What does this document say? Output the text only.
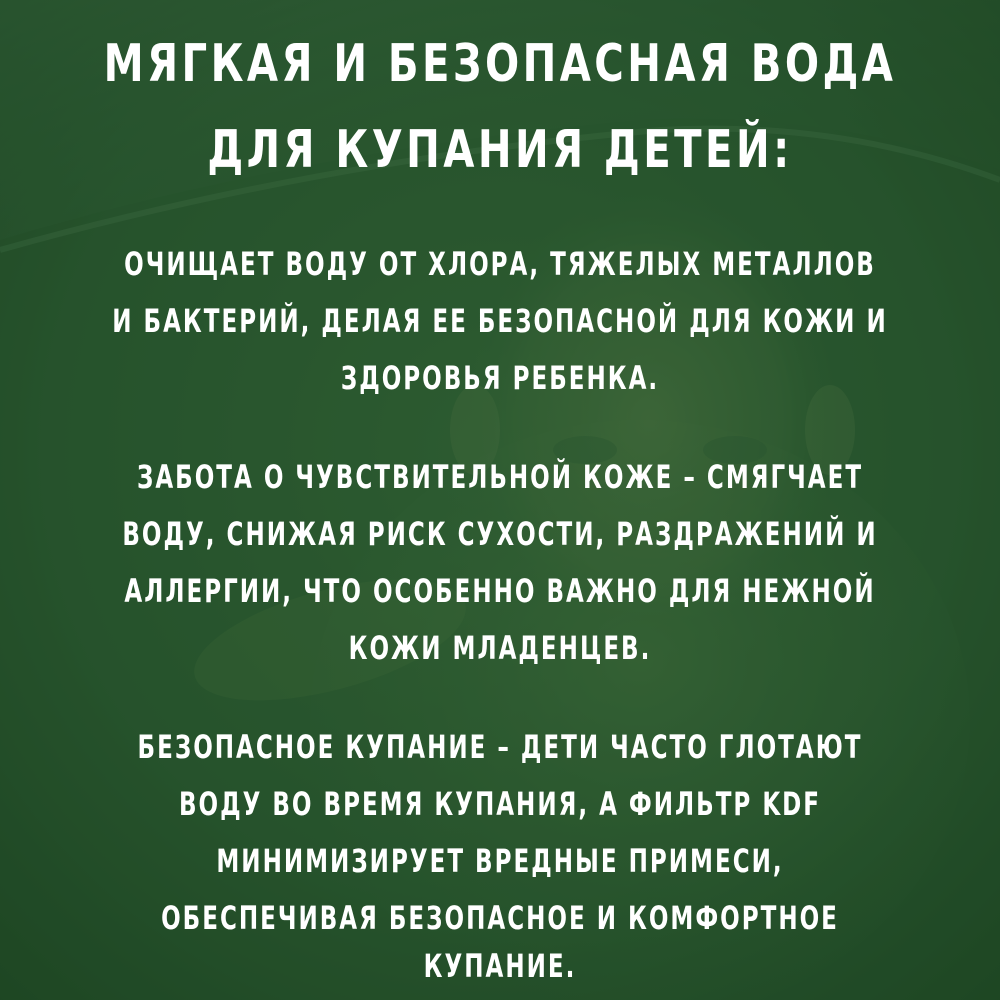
МЯГКАЯ И БЕЗОПАСНАЯ ВОДА
ДЛЯ КУПАНИЯ ДЕТЕЙ:
ОЧИЩАЕТ ВОДУ ОТ ХЛОРА, ТЯЖЕЛЫХ МЕТАЛЛОВ
И БАКТЕРИЙ, ДЕЛАЯ ЕЕ БЕЗОПАСНОЙ ДЛЯ КОЖИ И
ЗДОРОВЬЯ РЕБЕНКА.
ЗАБОТА О ЧУВСТВИТЕЛЬНОЙ КОЖЕ – СМЯГЧАЕТ
ВОДУ, СНИЖАЯ РИСК СУХОСТИ, РАЗДРАЖЕНИЙ И
АЛЛЕРГИИ, ЧТО ОСОБЕННО ВАЖНО ДЛЯ НЕЖНОЙ
КОЖИ МЛАДЕНЦЕВ.
БЕЗОПАСНОЕ КУПАНИЕ – ДЕТИ ЧАСТО ГЛОТАЮТ
ВОДУ ВО ВРЕМЯ КУПАНИЯ, А ФИЛЬТР KDF
МИНИМИЗИРУЕТ ВРЕДНЫЕ ПРИМЕСИ,
ОБЕСПЕЧИВАЯ БЕЗОПАСНОЕ И КОМФОРТНОЕ
КУПАНИЕ.
